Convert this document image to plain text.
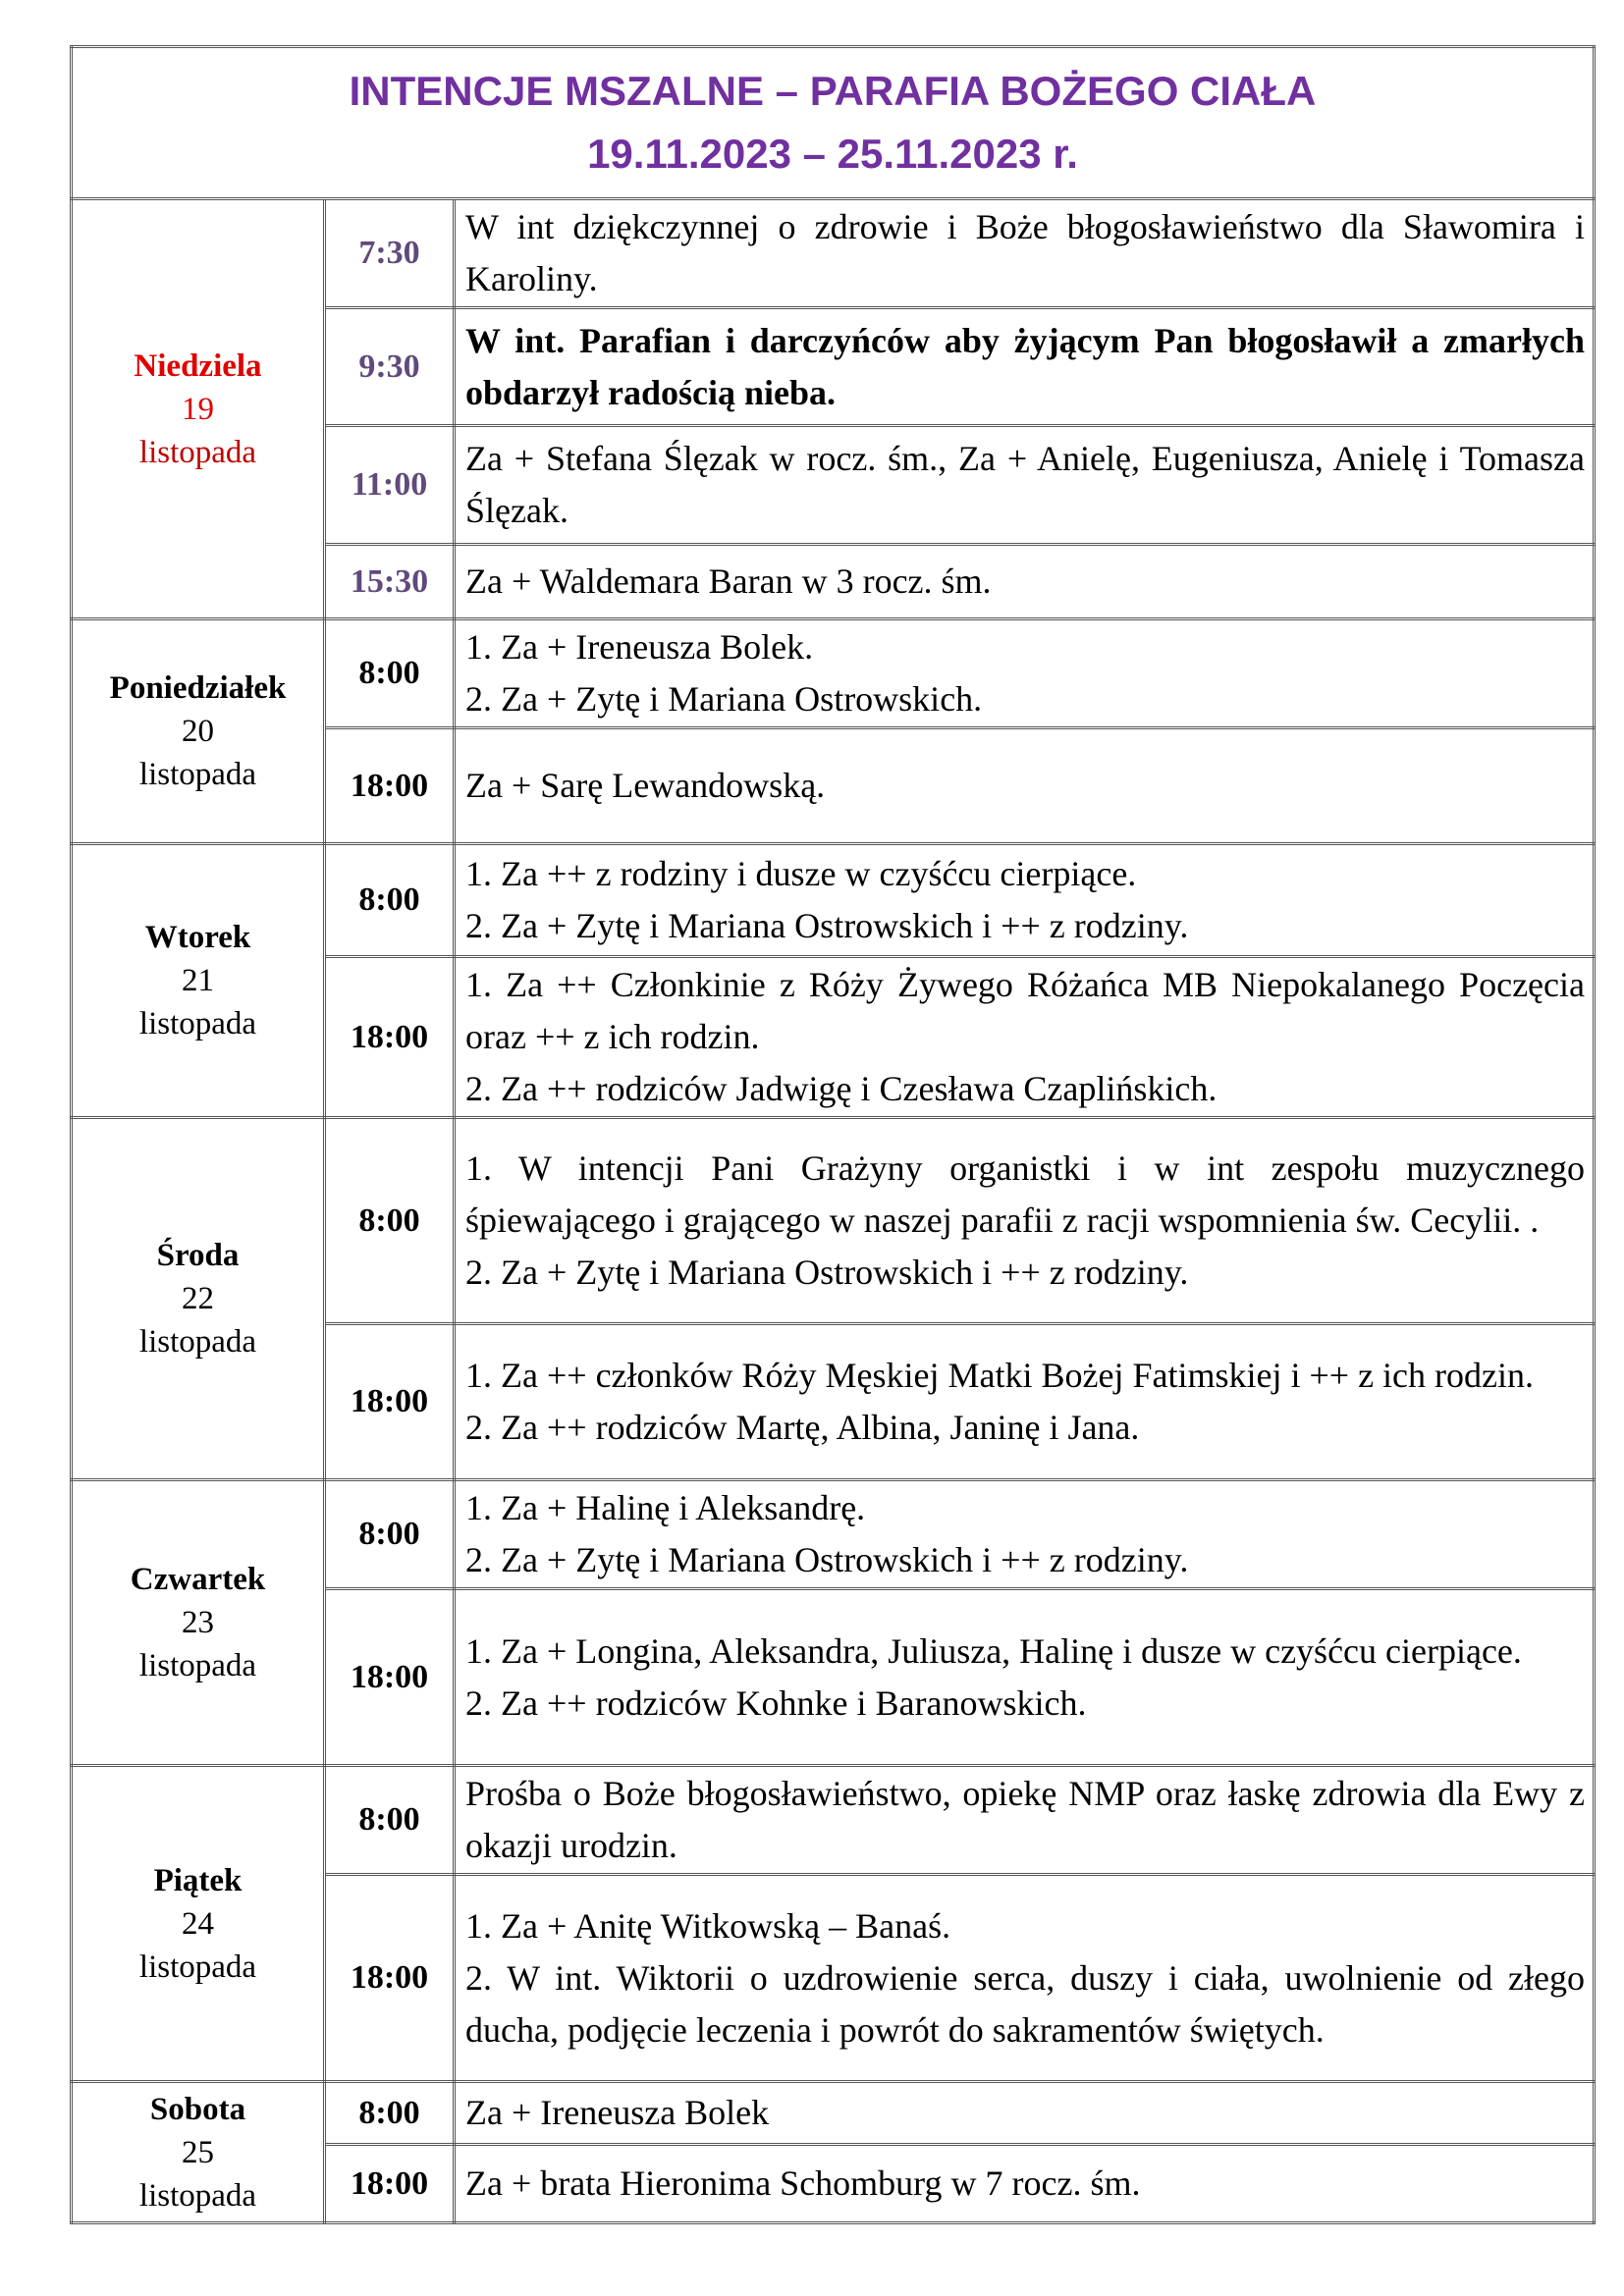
INTENCJE MSZALNE – PARAFIA BOŻEGO CIAŁA
19.11.2023 – 25.11.2023 r.		

Niedziela
19
listopada	7:30	W int dziękczynnej o zdrowie i Boże błogosławieństwo dla Sławomira i Karoliny.

	9:30	W int. Parafian i darczyńców aby żyjącym Pan błogosławił a zmarłych obdarzył radością nieba.

	11:00	Za + Stefana Ślęzak w rocz. śm., Za + Anielę, Eugeniusza, Anielę i Tomasza Ślęzak.

	15:30	Za + Waldemara Baran w 3 rocz. śm.

Poniedziałek
20
listopada	8:00	1. Za + Ireneusza Bolek.
2. Za + Zytę i Mariana Ostrowskich.

	18:00	Za + Sarę Lewandowską.

Wtorek
21
listopada	8:00	1. Za ++ z rodziny i dusze w czyśćcu cierpiące.
2. Za + Zytę i Mariana Ostrowskich i ++ z rodziny.

	18:00	1. Za ++ Członkinie z Róży Żywego Różańca MB Niepokalanego Poczęcia oraz ++ z ich rodzin.
2. Za ++ rodziców Jadwigę i Czesława Czaplińskich.

Środa
22
listopada	8:00	1. W intencji Pani Grażyny organistki i w int zespołu muzycznego śpiewającego i grającego w naszej parafii z racji wspomnienia św. Cecylii. .
2. Za + Zytę i Mariana Ostrowskich i ++ z rodziny.

	18:00	1. Za ++ członków Róży Męskiej Matki Bożej Fatimskiej i ++ z ich rodzin.
2. Za ++ rodziców Martę, Albina, Janinę i Jana.

Czwartek
23
listopada	8:00	1. Za + Halinę i Aleksandrę.
2. Za + Zytę i Mariana Ostrowskich i ++ z rodziny.

	18:00	1. Za + Longina, Aleksandra, Juliusza, Halinę i dusze w czyśćcu cierpiące.
2. Za ++ rodziców Kohnke i Baranowskich.

Piątek
24
listopada	8:00	Prośba o Boże błogosławieństwo, opiekę NMP oraz łaskę zdrowia dla Ewy z okazji urodzin.

	18:00	1. Za + Anitę Witkowską – Banaś.
2. W int. Wiktorii o uzdrowienie serca, duszy i ciała, uwolnienie od złego ducha, podjęcie leczenia i powrót do sakramentów świętych.

Sobota
25
listopada	8:00	Za + Ireneusza Bolek

	18:00	Za + brata Hieronima Schomburg w 7 rocz. śm.
